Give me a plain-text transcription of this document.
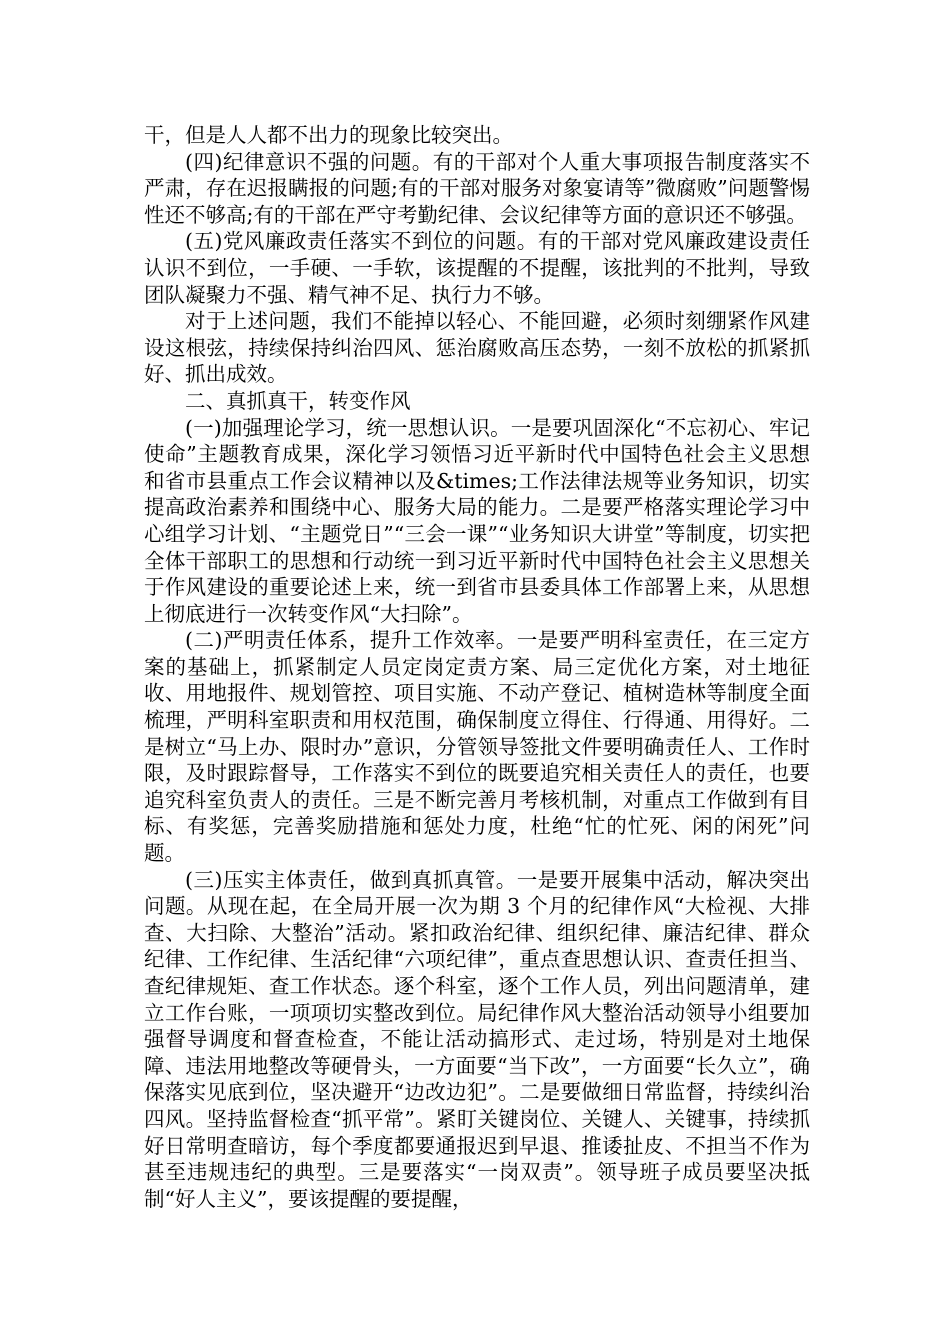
干，但是人人都不出力的现象比较突出。

(四)纪律意识不强的问题。有的干部对个人重大事项报告制度落实不严肃，存在迟报瞒报的问题;有的干部对服务对象宴请等”微腐败”问题警惕性还不够高;有的干部在严守考勤纪律、会议纪律等方面的意识还不够强。

(五)党风廉政责任落实不到位的问题。有的干部对党风廉政建设责任认识不到位，一手硬、一手软，该提醒的不提醒，该批判的不批判，导致团队凝聚力不强、精气神不足、执行力不够。

对于上述问题，我们不能掉以轻心、不能回避，必须时刻绷紧作风建设这根弦，持续保持纠治四风、惩治腐败高压态势，一刻不放松的抓紧抓好、抓出成效。

二、真抓真干，转变作风

(一)加强理论学习，统一思想认识。一是要巩固深化“不忘初心、牢记使命”主题教育成果，深化学习领悟习近平新时代中国特色社会主义思想和省市县重点工作会议精神以及&times;工作法律法规等业务知识，切实提高政治素养和围绕中心、服务大局的能力。二是要严格落实理论学习中心组学习计划、“主题党日”“三会一课”“业务知识大讲堂”等制度，切实把全体干部职工的思想和行动统一到习近平新时代中国特色社会主义思想关于作风建设的重要论述上来，统一到省市县委具体工作部署上来，从思想上彻底进行一次转变作风“大扫除”。

(二)严明责任体系，提升工作效率。一是要严明科室责任，在三定方案的基础上，抓紧制定人员定岗定责方案、局三定优化方案，对土地征收、用地报件、规划管控、项目实施、不动产登记、植树造林等制度全面梳理，严明科室职责和用权范围，确保制度立得住、行得通、用得好。二是树立“马上办、限时办”意识，分管领导签批文件要明确责任人、工作时限，及时跟踪督导，工作落实不到位的既要追究相关责任人的责任，也要追究科室负责人的责任。三是不断完善月考核机制，对重点工作做到有目标、有奖惩，完善奖励措施和惩处力度，杜绝“忙的忙死、闲的闲死”问题。

(三)压实主体责任，做到真抓真管。一是要开展集中活动，解决突出问题。从现在起，在全局开展一次为期 3 个月的纪律作风“大检视、大排查、大扫除、大整治”活动。紧扣政治纪律、组织纪律、廉洁纪律、群众纪律、工作纪律、生活纪律“六项纪律”，重点查思想认识、查责任担当、查纪律规矩、查工作状态。逐个科室，逐个工作人员，列出问题清单，建立工作台账，一项项切实整改到位。局纪律作风大整治活动领导小组要加强督导调度和督查检查，不能让活动搞形式、走过场，特别是对土地保障、违法用地整改等硬骨头，一方面要“当下改”，一方面要“长久立”，确保落实见底到位，坚决避开“边改边犯”。二是要做细日常监督，持续纠治四风。坚持监督检查“抓平常”。紧盯关键岗位、关键人、关键事，持续抓好日常明查暗访，每个季度都要通报迟到早退、推诿扯皮、不担当不作为甚至违规违纪的典型。三是要落实“一岗双责”。领导班子成员要坚决抵制“好人主义”，要该提醒的要提醒，
